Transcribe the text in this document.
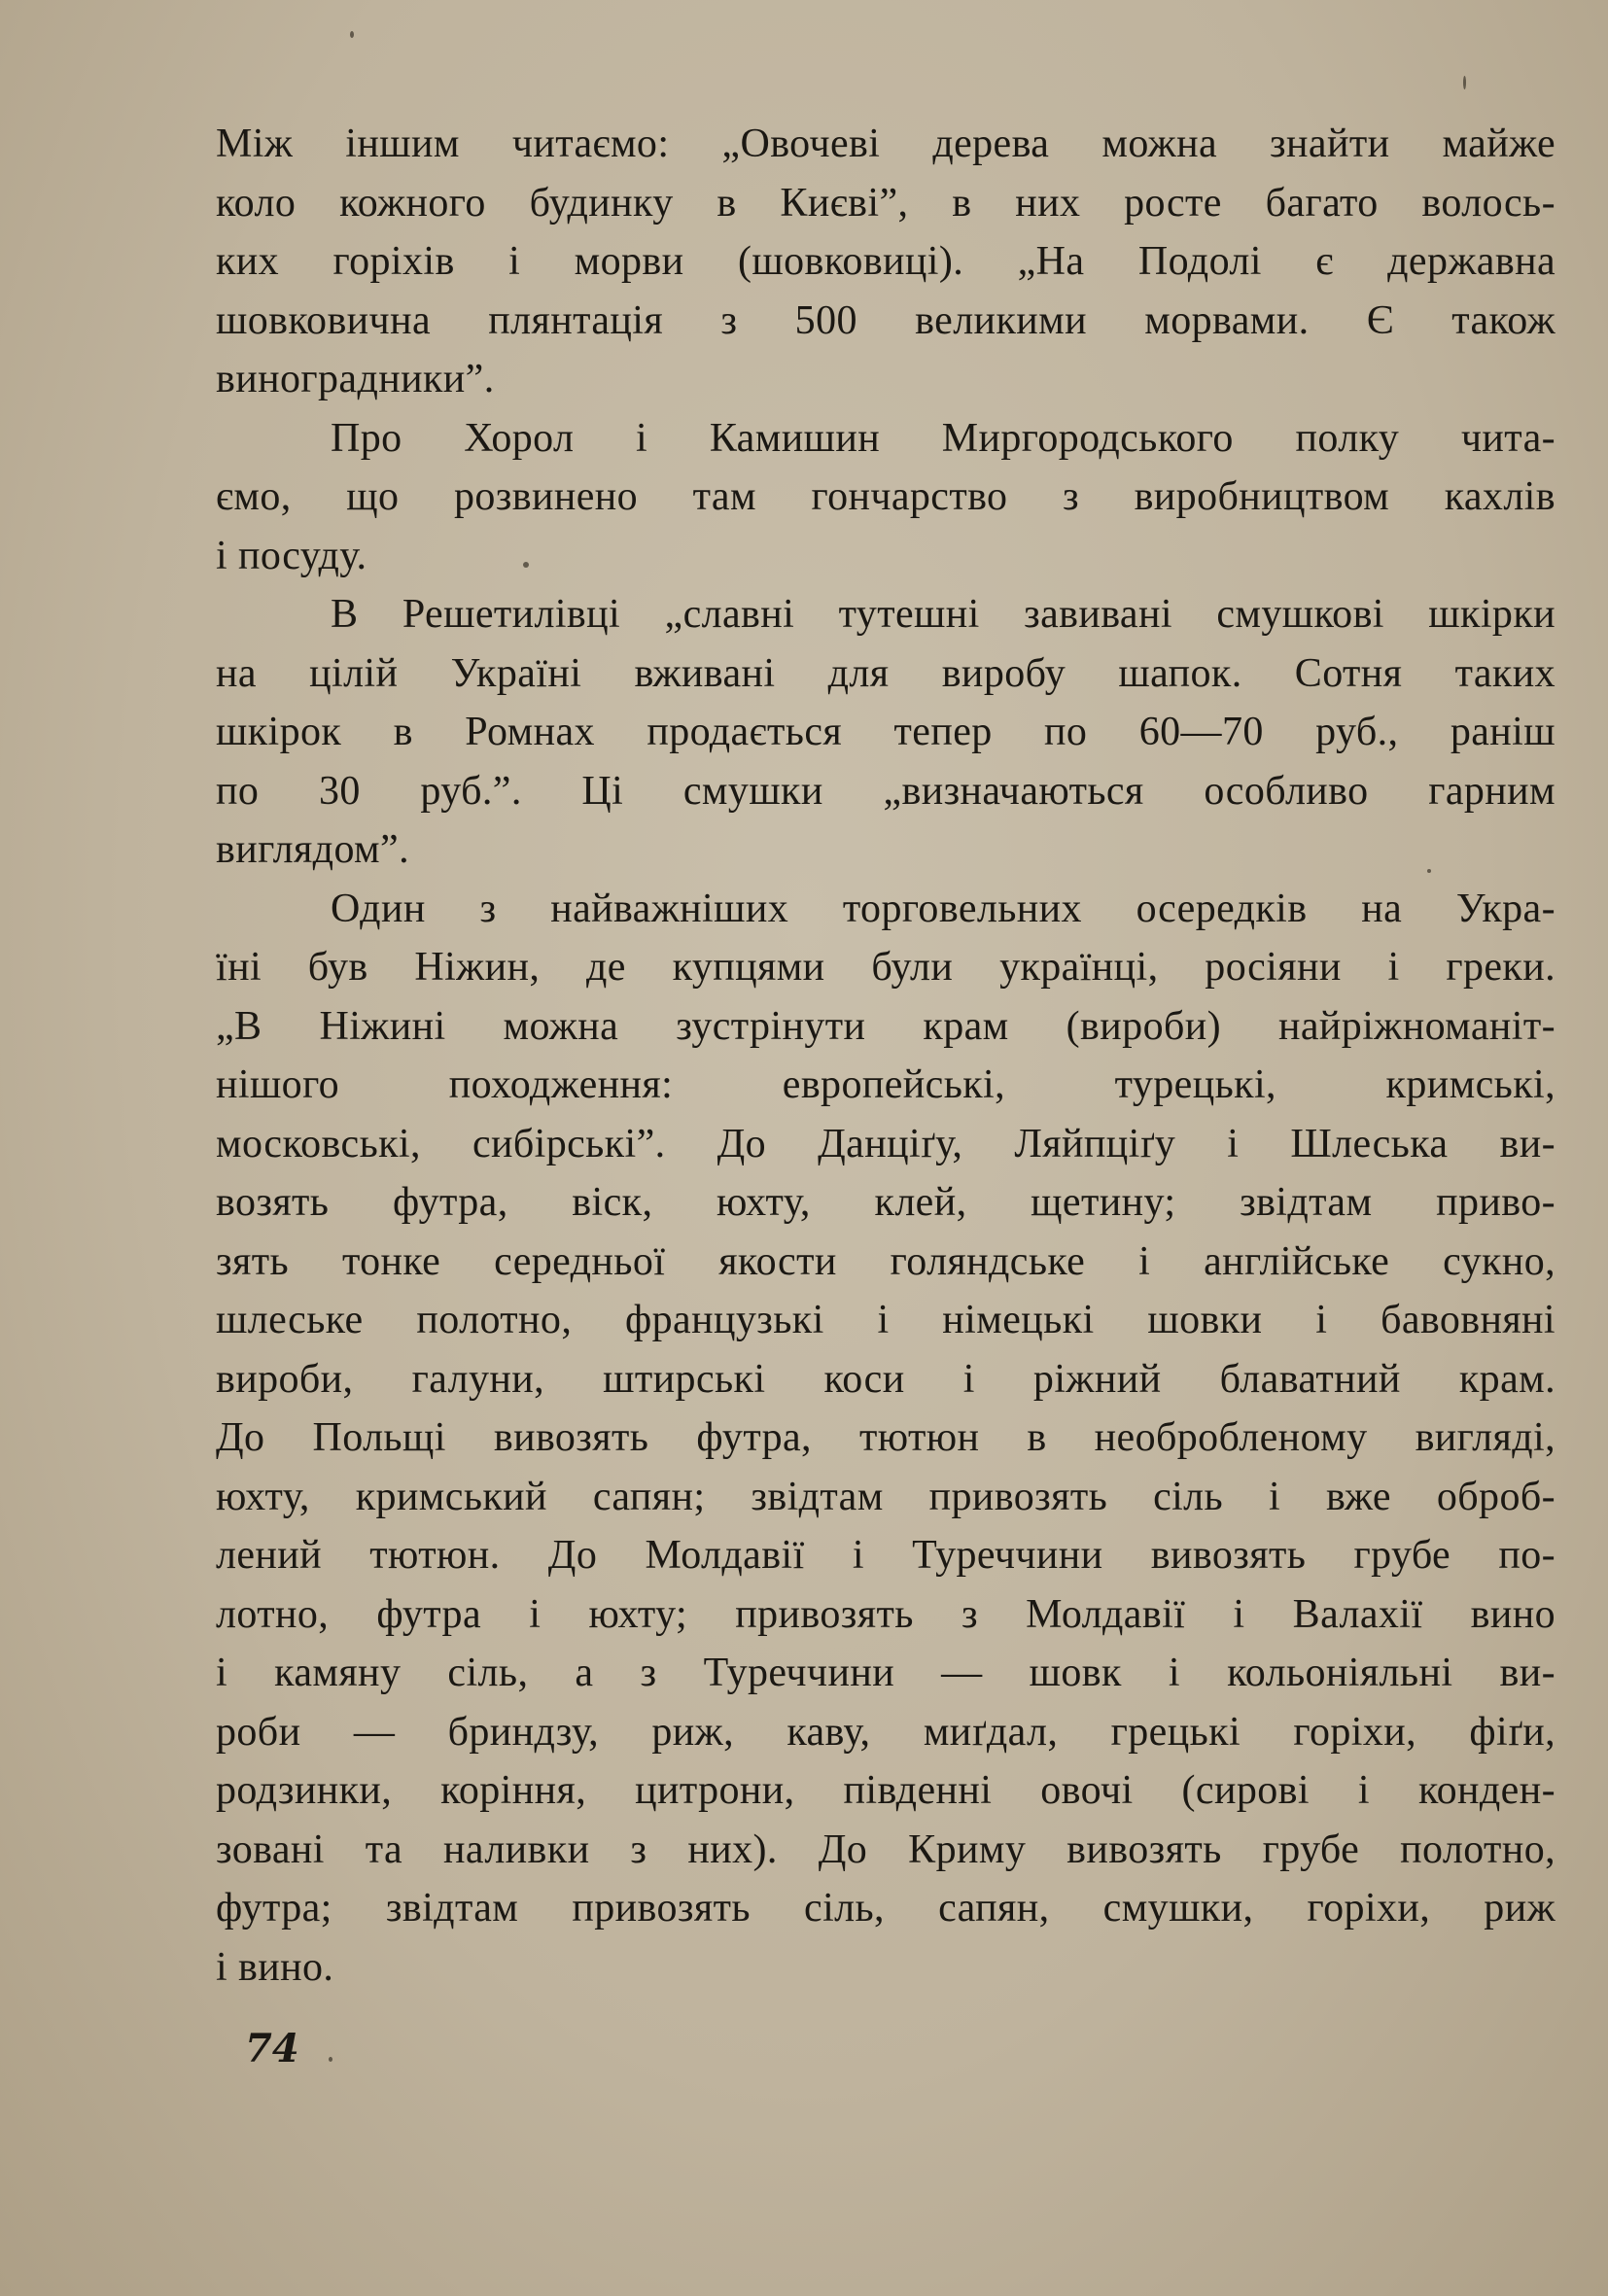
Між іншим читаємо: „Овочеві дерева можна знайти майже
коло кожного будинку в Києві”, в них росте багато волось-
ких горіхів і морви (шовковиці). „На Подолі є державна
шовковична плянтація з 500 великими морвами. Є також
виноградники”.
Про Хорол і Камишин Миргородського полку чита-
ємо, що розвинено там гончарство з виробництвом кахлів
і посуду.
В Решетилівці „славні тутешні завивані смушкові шкірки
на цілій Україні вживані для виробу шапок. Сотня таких
шкірок в Ромнах продається тепер по 60—70 руб., раніш
по 30 руб.”. Ці смушки „визначаються особливо гарним
виглядом”.
Один з найважніших торговельних осередків на Укра-
їні був Ніжин, де купцями були українці, росіяни і греки.
„В Ніжині можна зустрінути крам (вироби) найріжноманіт-
нішого походження: европейські, турецькі, кримські,
московські, сибірські”. До Данціґу, Ляйпціґу і Шлеська ви-
возять футра, віск, юхту, клей, щетину; звідтам приво-
зять тонке середньої якости голяндське і англійське сукно,
шлеське полотно, французькі і німецькі шовки і бавовняні
вироби, галуни, штирські коси і ріжний блаватний крам.
До Польщі вивозять футра, тютюн в необробленому вигляді,
юхту, кримський сапян; звідтам привозять сіль і вже оброб-
лений тютюн. До Молдавії і Туреччини вивозять грубе по-
лотно, футра і юхту; привозять з Молдавії і Валахії вино
і камяну сіль, а з Туреччини — шовк і кольоніяльні ви-
роби — бриндзу, риж, каву, миґдал, грецькі горіхи, фіґи,
родзинки, коріння, цитрони, південні овочі (сирові і конден-
зовані та наливки з них). До Криму вивозять грубе полотно,
футра; звідтам привозять сіль, сапян, смушки, горіхи, риж
і вино.
74
